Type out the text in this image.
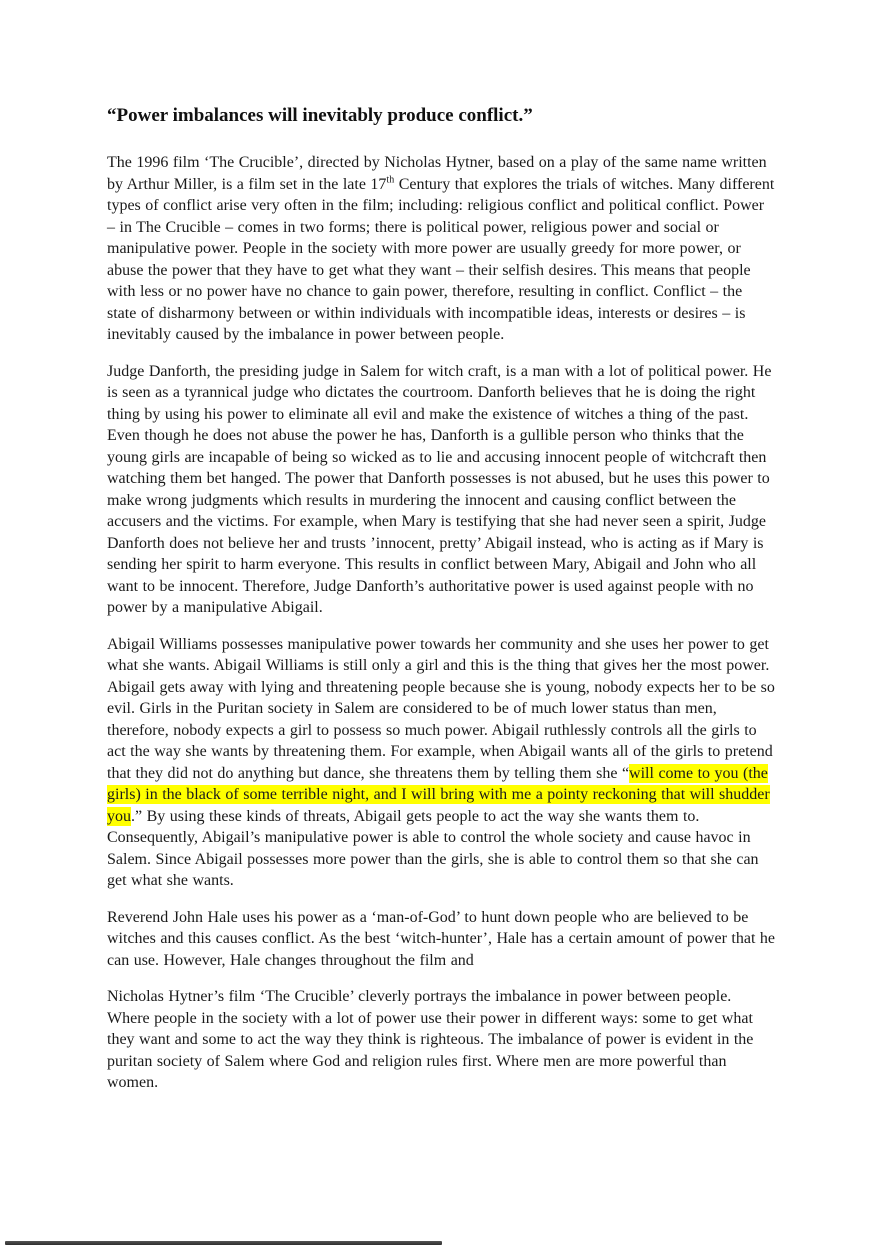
“Power imbalances will inevitably produce conflict.”

The 1996 film ‘The Crucible’, directed by Nicholas Hytner, based on a play of the same name written by Arthur Miller, is a film set in the late 17th Century that explores the trials of witches. Many different types of conflict arise very often in the film; including: religious conflict and political conflict. Power – in The Crucible – comes in two forms; there is political power, religious power and social or manipulative power. People in the society with more power are usually greedy for more power, or abuse the power that they have to get what they want – their selfish desires. This means that people with less or no power have no chance to gain power, therefore, resulting in conflict. Conflict – the state of disharmony between or within individuals with incompatible ideas, interests or desires – is inevitably caused by the imbalance in power between people.

Judge Danforth, the presiding judge in Salem for witch craft, is a man with a lot of political power. He is seen as a tyrannical judge who dictates the courtroom. Danforth believes that he is doing the right thing by using his power to eliminate all evil and make the existence of witches a thing of the past. Even though he does not abuse the power he has, Danforth is a gullible person who thinks that the young girls are incapable of being so wicked as to lie and accusing innocent people of witchcraft then watching them bet hanged. The power that Danforth possesses is not abused, but he uses this power to make wrong judgments which results in murdering the innocent and causing conflict between the accusers and the victims. For example, when Mary is testifying that she had never seen a spirit, Judge Danforth does not believe her and trusts ’innocent, pretty’ Abigail instead, who is acting as if Mary is sending her spirit to harm everyone. This results in conflict between Mary, Abigail and John who all want to be innocent. Therefore, Judge Danforth’s authoritative power is used against people with no power by a manipulative Abigail.

Abigail Williams possesses manipulative power towards her community and she uses her power to get what she wants. Abigail Williams is still only a girl and this is the thing that gives her the most power. Abigail gets away with lying and threatening people because she is young, nobody expects her to be so evil. Girls in the Puritan society in Salem are considered to be of much lower status than men, therefore, nobody expects a girl to possess so much power. Abigail ruthlessly controls all the girls to act the way she wants by threatening them. For example, when Abigail wants all of the girls to pretend that they did not do anything but dance, she threatens them by telling them she “will come to you (the girls) in the black of some terrible night, and I will bring with me a pointy reckoning that will shudder you.” By using these kinds of threats, Abigail gets people to act the way she wants them to. Consequently, Abigail’s manipulative power is able to control the whole society and cause havoc in Salem. Since Abigail possesses more power than the girls, she is able to control them so that she can get what she wants.

Reverend John Hale uses his power as a ‘man-of-God’ to hunt down people who are believed to be witches and this causes conflict. As the best ‘witch-hunter’, Hale has a certain amount of power that he can use. However, Hale changes throughout the film and

Nicholas Hytner’s film ‘The Crucible’ cleverly portrays the imbalance in power between people. Where people in the society with a lot of power use their power in different ways: some to get what they want and some to act the way they think is righteous. The imbalance of power is evident in the puritan society of Salem where God and religion rules first. Where men are more powerful than women.
